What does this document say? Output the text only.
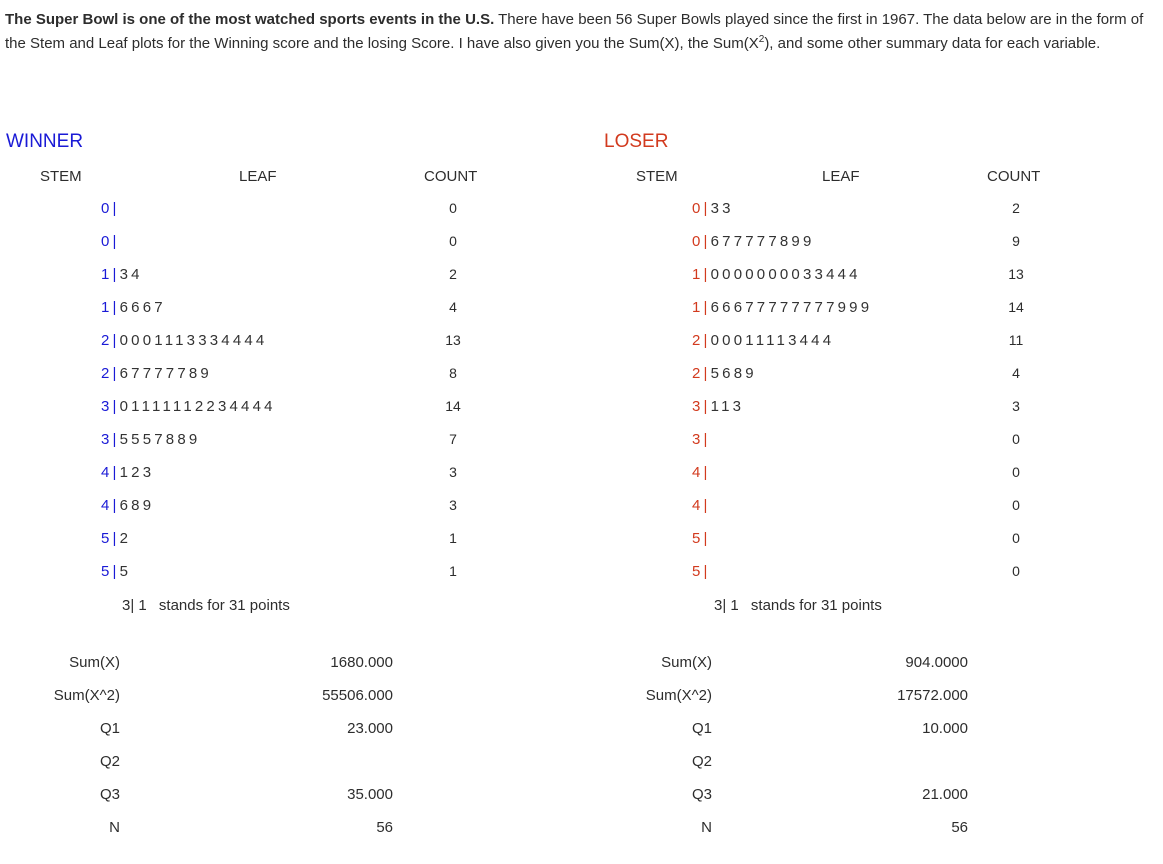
The Super Bowl is one of the most watched sports events in the U.S. There have been 56 Super Bowls played since the first in 1967. The data below are in the form of the Stem and Leaf plots for the Winning score and the losing Score. I have also given you the Sum(X), the $Sum(X^2)$, and some other summary data for each variable.
WINNER	LOSER
STEM	LEAF	COUNT	STEM	LEAF	COUNT
0|	0
0|	0
1|34	2
1|6667	4
2|0001113334444	13
2|67777789	8
3|01111112234444	14
3|5557889	7
4|123	3
4|689	3
5|2	1
5|5	1
0|33	2
0|677777899	9
1|0000000033444	13
1|66677777777999	14
2|00011113444	11
2|5689	4
3|113	3
3|	0
4|	0
4|	0
5|	0
5|	0
3| 1 stands for 31 points	3| 1 stands for 31 points
Sum(X)	1680.000
Sum(X^2)	55506.000
Q1	23.000
Q2
Q3	35.000
N	56
Sum(X)	904.0000
Sum(X^2)	17572.000
Q1	10.000
Q2
Q3	21.000
N	56
